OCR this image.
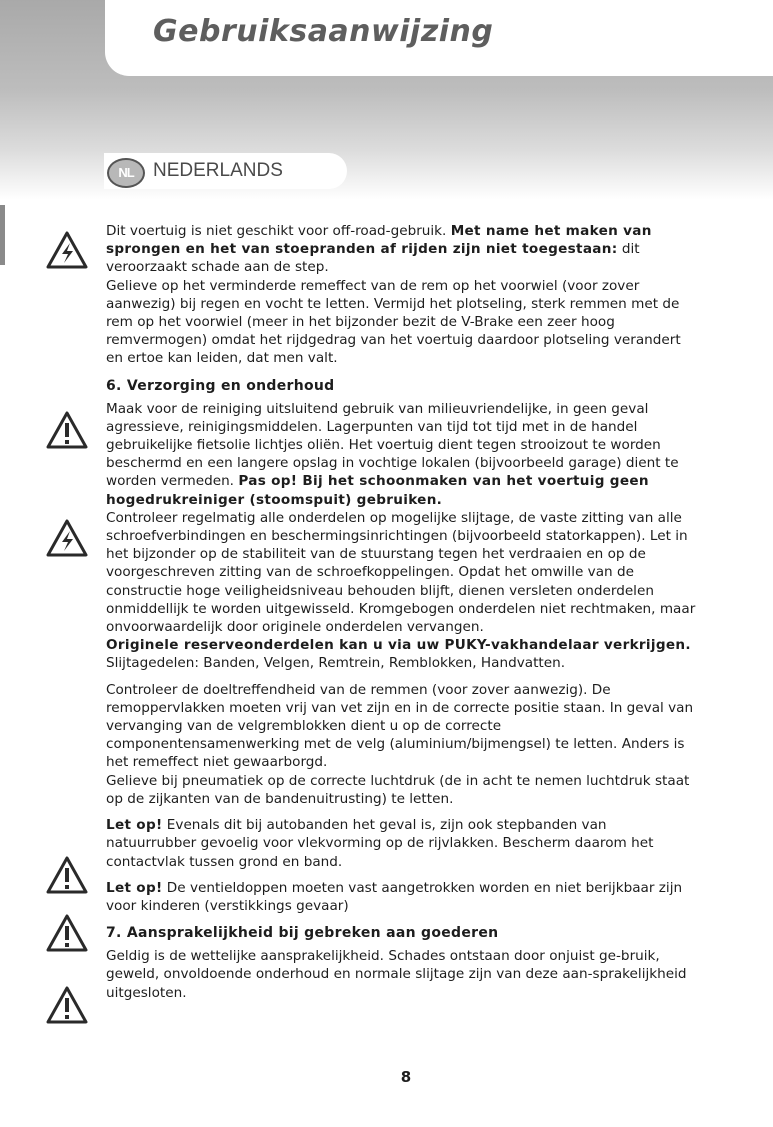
Gebruiksaanwijzing
NL	NEDERLANDS

Dit voertuig is niet geschikt voor off-road-gebruik. Met name het maken van sprongen en het van stoepranden af rijden zijn niet toegestaan: dit veroorzaakt schade aan de step.

Gelieve op het verminderde remeffect van de rem op het voorwiel (voor zover aanwezig) bij regen en vocht te letten. Vermijd het plotseling, sterk remmen met de rem op het voorwiel (meer in het bijzonder bezit de V-Brake een zeer hoog remvermogen) omdat het rijdgedrag van het voertuig daardoor plotseling verandert en ertoe kan leiden, dat men valt.

6. Verzorging en onderhoud

Maak voor de reiniging uitsluitend gebruik van milieuvriendelijke, in geen geval agressieve, reinigingsmiddelen. Lagerpunten van tijd tot tijd met in de handel gebruikelijke fietsolie lichtjes oliën. Het voertuig dient tegen strooizout te worden beschermd en een langere opslag in vochtige lokalen (bijvoorbeeld garage) dient te worden vermeden. Pas op! Bij het schoonmaken van het voertuig geen hogedrukreiniger (stoomspuit) gebruiken.

Controleer regelmatig alle onderdelen op mogelijke slijtage, de vaste zitting van alle schroefverbindingen en beschermingsinrichtingen (bijvoorbeeld statorkappen). Let in het bijzonder op de stabiliteit van de stuurstang tegen het verdraaien en op de voorgeschreven zitting van de schroefkoppelingen. Opdat het omwille van de constructie hoge veiligheidsniveau behouden blijft, dienen versleten onderdelen onmiddellijk te worden uitgewisseld. Kromgebogen onderdelen niet rechtmaken, maar onvoorwaardelijk door originele onderdelen vervangen.

Originele reserveonderdelen kan u via uw PUKY-vakhandelaar verkrijgen.

Slijtagedelen: Banden, Velgen, Remtrein, Remblokken, Handvatten.

Controleer de doeltreffendheid van de remmen (voor zover aanwezig). De remoppervlakken moeten vrij van vet zijn en in de correcte positie staan. In geval van vervanging van de velgremblokken dient u op de correcte componentensamenwerking met de velg (aluminium/bijmengsel) te letten. Anders is het remeffect niet gewaarborgd.

Gelieve bij pneumatiek op de correcte luchtdruk (de in acht te nemen luchtdruk staat op de zijkanten van de bandenuitrusting) te letten.

Let op! Evenals dit bij autobanden het geval is, zijn ook stepbanden van natuurrubber gevoelig voor vlekvorming op de rijvlakken. Bescherm daarom het contactvlak tussen grond en band.

Let op! De ventieldoppen moeten vast aangetrokken worden en niet berijkbaar zijn voor kinderen (verstikkings gevaar)

7. Aansprakelijkheid bij gebreken aan goederen

Geldig is de wettelijke aansprakelijkheid. Schades ontstaan door onjuist ge-bruik, geweld, onvoldoende onderhoud en normale slijtage zijn van deze aan-sprakelijkheid uitgesloten.

8
